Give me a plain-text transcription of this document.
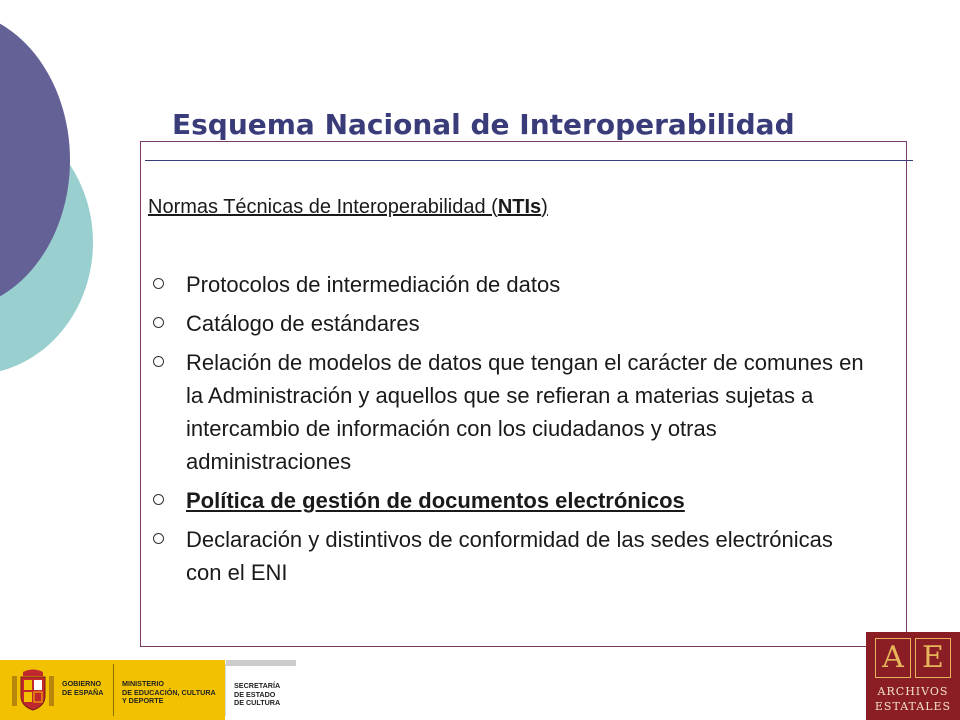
Esquema Nacional de Interoperabilidad
Normas Técnicas de Interoperabilidad (NTIs)
Protocolos de intermediación de datos
Catálogo de estándares
Relación de modelos de datos que tengan el carácter de comunes en la Administración y aquellos que se refieran a materias sujetas a intercambio de información con los ciudadanos y otras administraciones
Política de gestión de documentos electrónicos
Declaración y distintivos de conformidad de las sedes electrónicas con el ENI
GOBIERNO
DE ESPAÑA
MINISTERIO
DE EDUCACIÓN, CULTURA
Y DEPORTE
SECRETARÍA
DE ESTADO
DE CULTURA
A E
ARCHIVOS
ESTATALES
